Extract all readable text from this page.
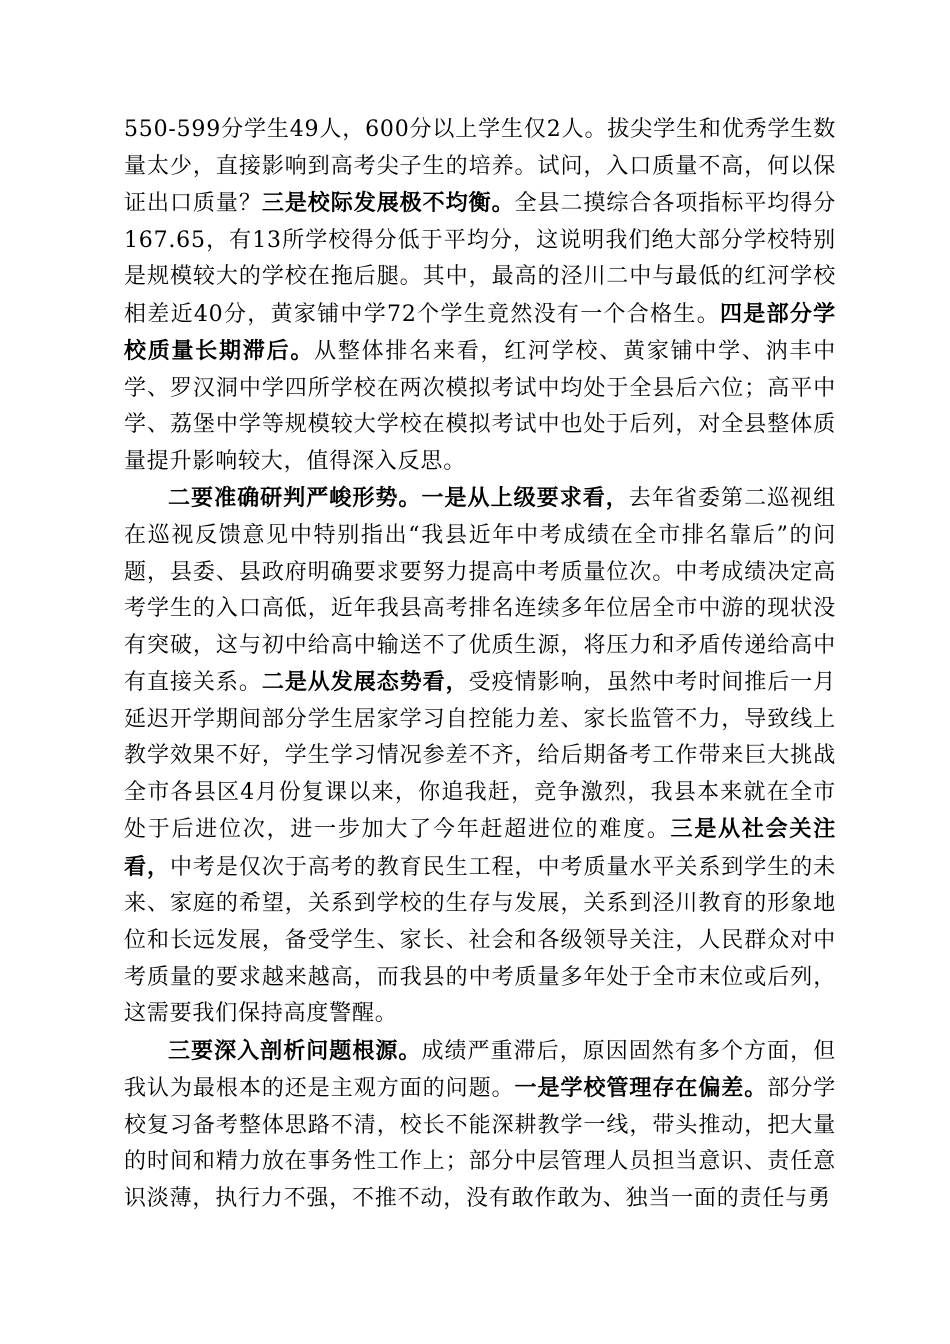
550-599分学生49人，600分以上学生仅2人。拔尖学生和优秀学生数量太少，直接影响到高考尖子生的培养。试问，入口质量不高，何以保证出口质量？三是校际发展极不均衡。全县二摸综合各项指标平均得分167.65，有13所学校得分低于平均分，这说明我们绝大部分学校特别是规模较大的学校在拖后腿。其中，最高的泾川二中与最低的红河学校相差近40分，黄家铺中学72个学生竟然没有一个合格生。四是部分学校质量长期滞后。从整体排名来看，红河学校、黄家铺中学、汭丰中学、罗汉洞中学四所学校在两次模拟考试中均处于全县后六位；高平中学、荔堡中学等规模较大学校在模拟考试中也处于后列，对全县整体质量提升影响较大，值得深入反思。

二要准确研判严峻形势。一是从上级要求看，去年省委第二巡视组在巡视反馈意见中特别指出“我县近年中考成绩在全市排名靠后”的问题，县委、县政府明确要求要努力提高中考质量位次。中考成绩决定高考学生的入口高低，近年我县高考排名连续多年位居全市中游的现状没有突破，这与初中给高中输送不了优质生源，将压力和矛盾传递给高中有直接关系。二是从发展态势看，受疫情影响，虽然中考时间推后一月延迟开学期间部分学生居家学习自控能力差、家长监管不力，导致线上教学效果不好，学生学习情况参差不齐，给后期备考工作带来巨大挑战全市各县区4月份复课以来，你追我赶，竞争激烈，我县本来就在全市处于后进位次，进一步加大了今年赶超进位的难度。三是从社会关注看，中考是仅次于高考的教育民生工程，中考质量水平关系到学生的未来、家庭的希望，关系到学校的生存与发展，关系到泾川教育的形象地位和长远发展，备受学生、家长、社会和各级领导关注，人民群众对中考质量的要求越来越高，而我县的中考质量多年处于全市末位或后列，这需要我们保持高度警醒。

三要深入剖析问题根源。成绩严重滞后，原因固然有多个方面，但我认为最根本的还是主观方面的问题。一是学校管理存在偏差。部分学校复习备考整体思路不清，校长不能深耕教学一线，带头推动，把大量的时间和精力放在事务性工作上；部分中层管理人员担当意识、责任意识淡薄，执行力不强，不推不动，没有敢作敢为、独当一面的责任与勇
